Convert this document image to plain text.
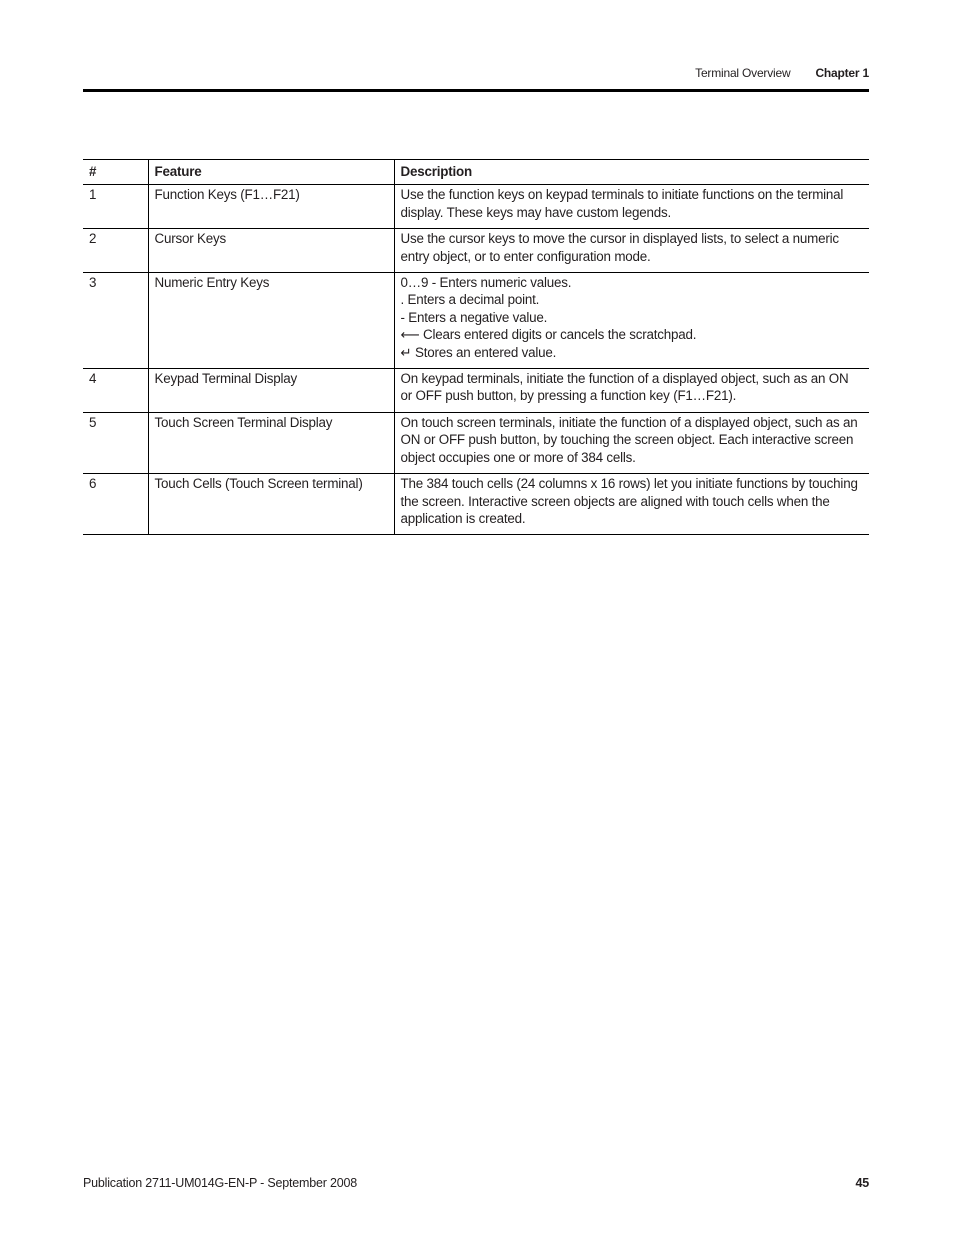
Terminal Overview Chapter 1
#	Feature	Description
1	Function Keys (F1…F21)	Use the function keys on keypad terminals to initiate functions on the terminal display. These keys may have custom legends.

2	Cursor Keys	Use the cursor keys to move the cursor in displayed lists, to select a numeric entry object, or to enter configuration mode.

3	Numeric Entry Keys	0…9 - Enters numeric values.
. Enters a decimal point.
- Enters a negative value.
⟵ Clears entered digits or cancels the scratchpad.
↵ Stores an entered value.

4	Keypad Terminal Display	On keypad terminals, initiate the function of a displayed object, such as an ON or OFF push button, by pressing a function key (F1…F21).

5	Touch Screen Terminal Display	On touch screen terminals, initiate the function of a displayed object, such as an ON or OFF push button, by touching the screen object. Each interactive screen object occupies one or more of 384 cells.

6	Touch Cells (Touch Screen terminal)	The 384 touch cells (24 columns x 16 rows) let you initiate functions by touching the screen. Interactive screen objects are aligned with touch cells when the application is created.
Publication 2711-UM014G-EN-P - September 2008	45
